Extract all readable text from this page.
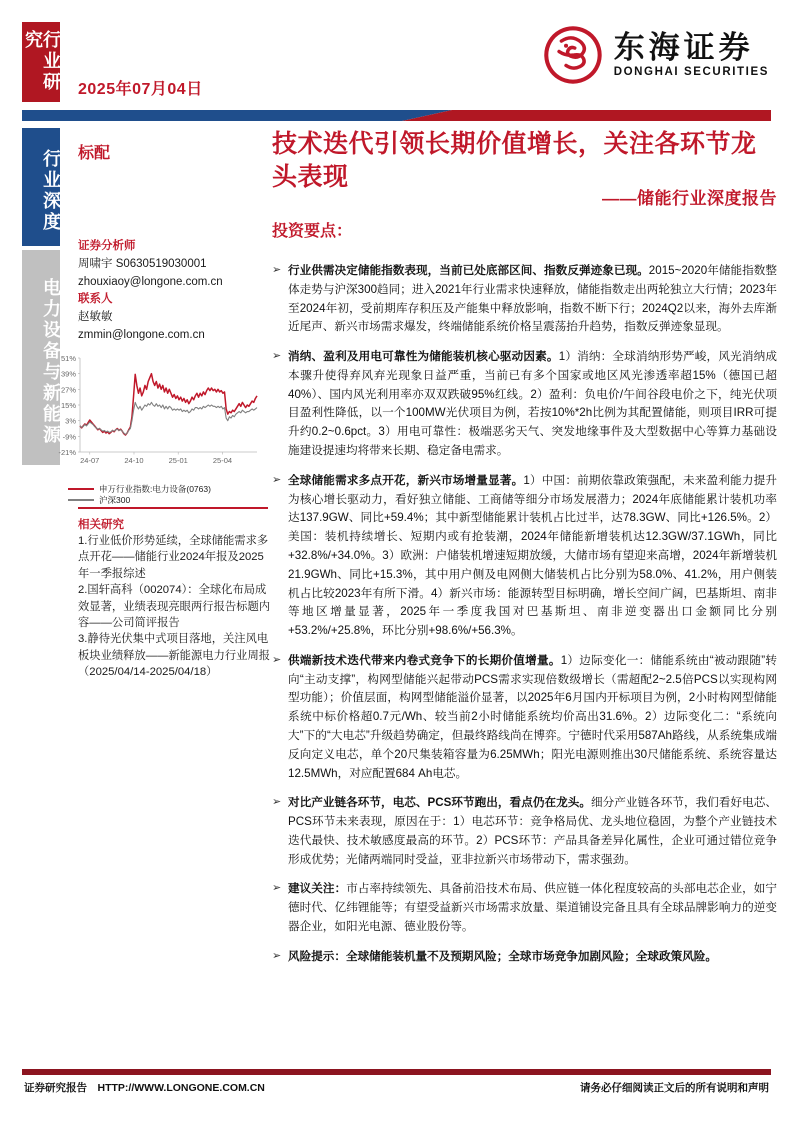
行业研究
行业深度
电力设备与新能源
东海证券
DONGHAI SECURITIES
2025年07月04日
标配
证券分析师
周啸宇 S0630519030001
zhouxiaoy@longone.com.cn
联系人
赵敏敏
zmmin@longone.com.cn
51%
39%
27%
15%
3%
-9%
-21%
24-07	24-10	25-01	25-04
申万行业指数:电力设备(0763)
沪深300
相关研究
1.行业低价形势延续，全球储能需求多点开花——储能行业2024年报及2025年一季报综述
2.国轩高科（002074）：全球化布局成效显著，业绩表现亮眼两行报告标题内容——公司简评报告
3.静待光伏集中式项目落地，关注风电板块业绩释放——新能源电力行业周报（2025/04/14-2025/04/18）
技术迭代引领长期价值增长，关注各环节龙头表现
——储能行业深度报告
投资要点：
➢ 行业供需决定储能指数表现，当前已处底部区间、指数反弹迹象已现。2015~2020年储能指数整体走势与沪深300趋同；进入2021年行业需求快速释放，储能指数走出两轮独立大行情；2023年至2024年初，受前期库存积压及产能集中释放影响，指数不断下行；2024Q2以来，海外去库渐近尾声、新兴市场需求爆发，终端储能系统价格呈震荡抬升趋势，指数反弹迹象显现。
➢ 消纳、盈利及用电可靠性为储能装机核心驱动因素。1）消纳：全球消纳形势严峻，风光消纳成本骤升使得弃风弃光现象日益严重，当前已有多个国家或地区风光渗透率超15%（德国已超40%）、国内风光利用率亦双双跌破95%红线。2）盈利：负电价/午间谷段电价之下，纯光伏项目盈利性降低，以一个100MW光伏项目为例，若按10%*2h比例为其配置储能，则项目IRR可提升约0.2~0.6pct。3）用电可靠性：极端恶劣天气、突发地缘事件及大型数据中心等算力基础设施建设提速均将带来长期、稳定备电需求。
➢ 全球储能需求多点开花，新兴市场增量显著。1）中国：前期依靠政策强配，未来盈利能力提升为核心增长驱动力，看好独立储能、工商储等细分市场发展潜力；2024年底储能累计装机功率达137.9GW、同比+59.4%；其中新型储能累计装机占比过半，达78.3GW、同比+126.5%。2）美国：装机持续增长、短期内或有抢装潮，2024年储能新增装机达12.3GW/37.1GWh，同比+32.8%/+34.0%。3）欧洲：户储装机增速短期放缓，大储市场有望迎来高增，2024年新增装机21.9GWh、同比+15.3%，其中用户侧及电网侧大储装机占比分别为58.0%、41.2%，用户侧装机占比较2023年有所下滑。4）新兴市场：能源转型目标明确，增长空间广阔，巴基斯坦、南非等地区增量显著，2025年一季度我国对巴基斯坦、南非逆变器出口金额同比分别+53.2%/+25.8%，环比分别+98.6%/+56.3%。
➢ 供端新技术迭代带来内卷式竞争下的长期价值增量。1）边际变化一：储能系统由“被动跟随”转向“主动支撑”，构网型储能兴起带动PCS需求实现倍数级增长（需超配2~2.5倍PCS以实现构网型功能）；价值层面，构网型储能溢价显著，以2025年6月国内开标项目为例，2小时构网型储能系统中标价格超0.7元/Wh、较当前2小时储能系统均价高出31.6%。2）边际变化二：“系统向大”下的“大电芯”升级趋势确定，但最终路线尚在博弈。宁德时代采用587Ah路线，从系统集成端反向定义电芯，单个20尺集装箱容量为6.25MWh；阳光电源则推出30尺储能系统、系统容量达12.5MWh，对应配置684 Ah电芯。
➢ 对比产业链各环节，电芯、PCS环节跑出，看点仍在龙头。细分产业链各环节，我们看好电芯、PCS环节未来表现，原因在于：1）电芯环节：竞争格局优、龙头地位稳固，为整个产业链技术迭代最快、技术敏感度最高的环节。2）PCS环节：产品具备差异化属性，企业可通过错位竞争形成优势；光储两端同时受益，亚非拉新兴市场带动下，需求强劲。
➢ 建议关注：市占率持续领先、具备前沿技术布局、供应链一体化程度较高的头部电芯企业，如宁德时代、亿纬锂能等；有望受益新兴市场需求放量、渠道铺设完备且具有全球品牌影响力的逆变器企业，如阳光电源、德业股份等。
➢ 风险提示：全球储能装机量不及预期风险；全球市场竞争加剧风险；全球政策风险。
证券研究报告　HTTP://WWW.LONGONE.COM.CN	请务必仔细阅读正文后的所有说明和声明
